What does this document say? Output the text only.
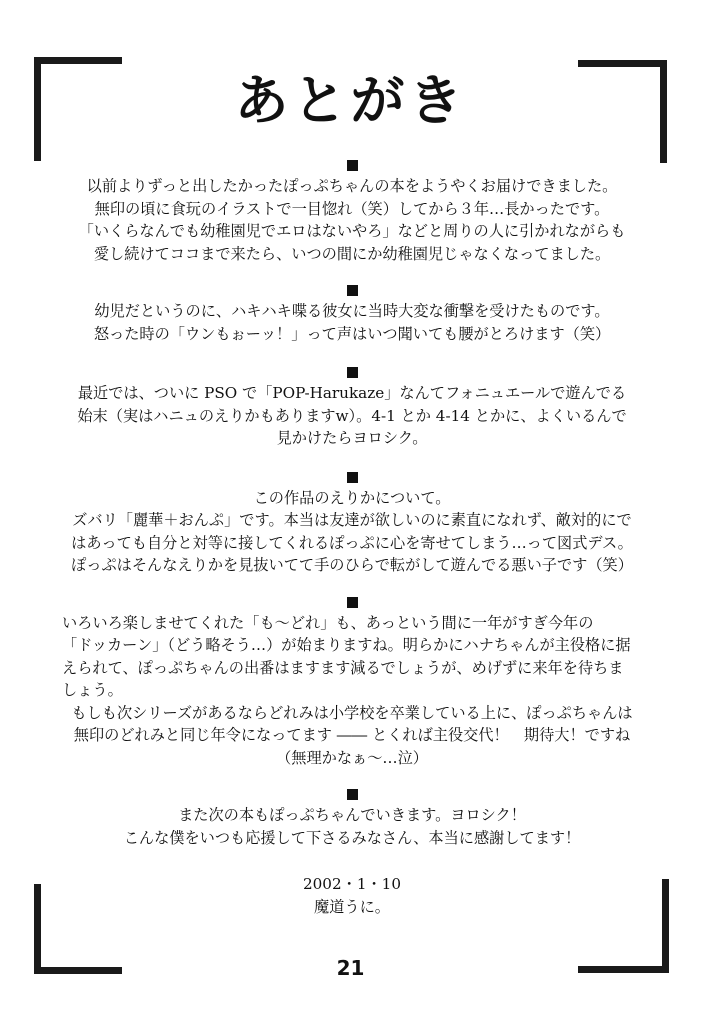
あとがき
以前よりずっと出したかったぽっぷちゃんの本をようやくお届けできました。
無印の頃に食玩のイラストで一目惚れ（笑）してから３年…長かったです。
「いくらなんでも幼稚園児でエロはないやろ」などと周りの人に引かれながらも
愛し続けてココまで来たら、いつの間にか幼稚園児じゃなくなってました。
幼児だというのに、ハキハキ喋る彼女に当時大変な衝撃を受けたものです。
怒った時の「ウンもぉーッ！」って声はいつ聞いても腰がとろけます（笑）
最近では、ついに PSO で「POP-Harukaze」なんてフォニュエールで遊んでる
始末（実はハニュのえりかもありますw）。4-1 とか 4-14 とかに、よくいるんで
見かけたらヨロシク。
この作品のえりかについて。
ズバリ「麗華＋おんぷ」です。本当は友達が欲しいのに素直になれず、敵対的にで
はあっても自分と対等に接してくれるぽっぷに心を寄せてしまう…って図式デス。
ぽっぷはそんなえりかを見抜いてて手のひらで転がして遊んでる悪い子です（笑）
いろいろ楽しませてくれた「も〜どれ」も、あっという間に一年がすぎ今年の
「ドッカーン」（どう略そう…）が始まりますね。明らかにハナちゃんが主役格に据
えられて、ぽっぷちゃんの出番はますます減るでしょうが、めげずに来年を待ちま
しょう。
もしも次シリーズがあるならどれみは小学校を卒業している上に、ぽっぷちゃんは
無印のどれみと同じ年令になってます ―― とくれば主役交代！　期待大！ですね
（無理かなぁ〜…泣）
また次の本もぽっぷちゃんでいきます。ヨロシク！
こんな僕をいつも応援して下さるみなさん、本当に感謝してます！
2002・1・10
魔道うに。
21
